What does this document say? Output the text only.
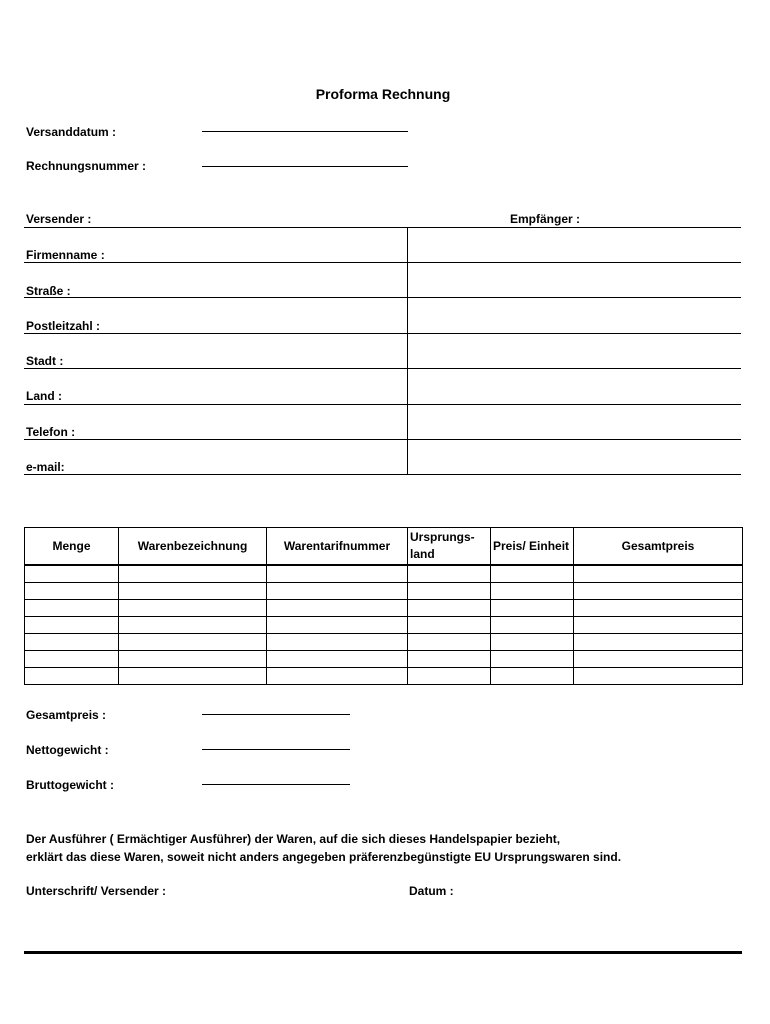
Proforma Rechnung
Versanddatum :
Rechnungsnummer :
Versender :	Empfänger :
Firmenname :
Straße :
Postleitzahl :
Stadt :
Land :
Telefon :
e-mail:
Menge	Warenbezeichnung	Warentarifnummer	Ursprungs- land	Preis/ Einheit	Gesamtpreis

Gesamtpreis :
Nettogewicht :
Bruttogewicht :
Der Ausführer ( Ermächtiger Ausführer) der Waren, auf die sich dieses Handelspapier bezieht,
erklärt das diese Waren, soweit nicht anders angegeben präferenzbegünstigte EU Ursprungswaren sind.
Unterschrift/ Versender :	Datum :
